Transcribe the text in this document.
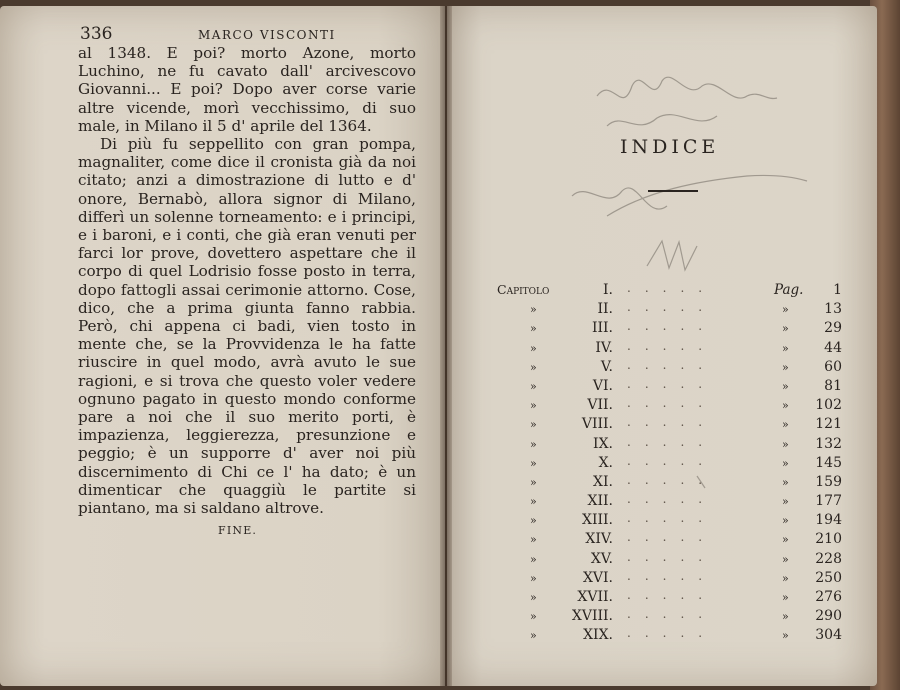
336	MARCO VISCONTI

al 1348. E poi? morto Azone, morto Luchino, ne fu cavato dall' arcivescovo Giovanni... E poi? Dopo aver corse varie altre vicende, morì vecchissimo, di suo male, in Milano il 5 d' aprile del 1364.

Di più fu seppellito con gran pompa, magnaliter, come dice il cronista già da noi citato; anzi a dimostrazione di lutto e d' onore, Bernabò, allora signor di Milano, differì un solenne torneamento: e i principi, e i baroni, e i conti, che già eran venuti per farci lor prove, dovettero aspettare che il corpo di quel Lodrisio fosse posto in terra, dopo fattogli assai cerimonie attorno. Cose, dico, che a prima giunta fanno rabbia. Però, chi appena ci badi, vien tosto in mente che, se la Provvidenza le ha fatte riuscire in quel modo, avrà avuto le sue ragioni, e si trova che questo voler vedere ognuno pagato in questo mondo conforme pare a noi che il suo merito porti, è impazienza, leggierezza, presunzione e peggio; è un supporre d' aver noi più discernimento di Chi ce l' ha dato; è un dimenticar che quaggiù le partite si piantano, ma si saldano altrove.

FINE.
INDICE
Capitolo	Pag.
I. .....	1
»	II. .....	»	13
»	III. .....	»	29
»	IV. .....	»	44
»	V. .....	»	60
»	VI. .....	»	81
»	VII. .....	»	102
»	VIII. .....	»	121
»	IX. .....	»	132
»	X. .....	»	145
»	XI. .....	»	159
»	XII. .....	»	177
»	XIII. .....	»	194
»	XIV. .....	»	210
»	XV. .....	»	228
»	XVI. .....	»	250
»	XVII. .....	»	276
»	XVIII. .....	»	290
»	XIX. .....	»	304
